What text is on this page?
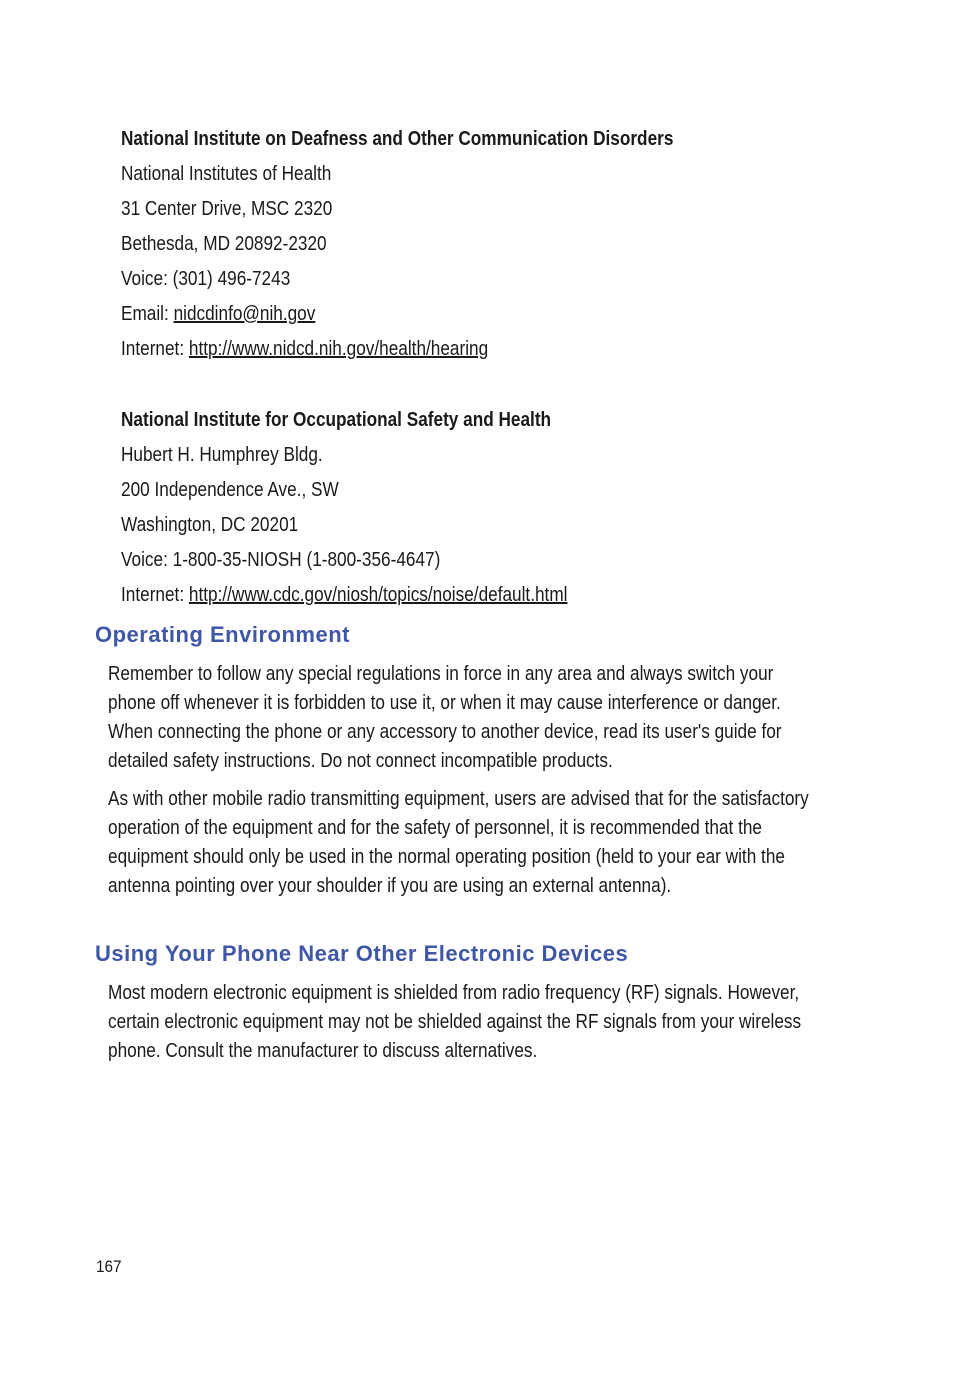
National Institute on Deafness and Other Communication Disorders
National Institutes of Health
31 Center Drive, MSC 2320
Bethesda, MD 20892-2320
Voice: (301) 496-7243
Email: nidcdinfo@nih.gov
Internet: http://www.nidcd.nih.gov/health/hearing
National Institute for Occupational Safety and Health
Hubert H. Humphrey Bldg.
200 Independence Ave., SW
Washington, DC 20201
Voice: 1-800-35-NIOSH (1-800-356-4647)
Internet: http://www.cdc.gov/niosh/topics/noise/default.html
Operating Environment
Remember to follow any special regulations in force in any area and always switch your phone off whenever it is forbidden to use it, or when it may cause interference or danger. When connecting the phone or any accessory to another device, read its user's guide for detailed safety instructions. Do not connect incompatible products.
As with other mobile radio transmitting equipment, users are advised that for the satisfactory operation of the equipment and for the safety of personnel, it is recommended that the equipment should only be used in the normal operating position (held to your ear with the antenna pointing over your shoulder if you are using an external antenna).
Using Your Phone Near Other Electronic Devices
Most modern electronic equipment is shielded from radio frequency (RF) signals. However, certain electronic equipment may not be shielded against the RF signals from your wireless phone. Consult the manufacturer to discuss alternatives.
167
